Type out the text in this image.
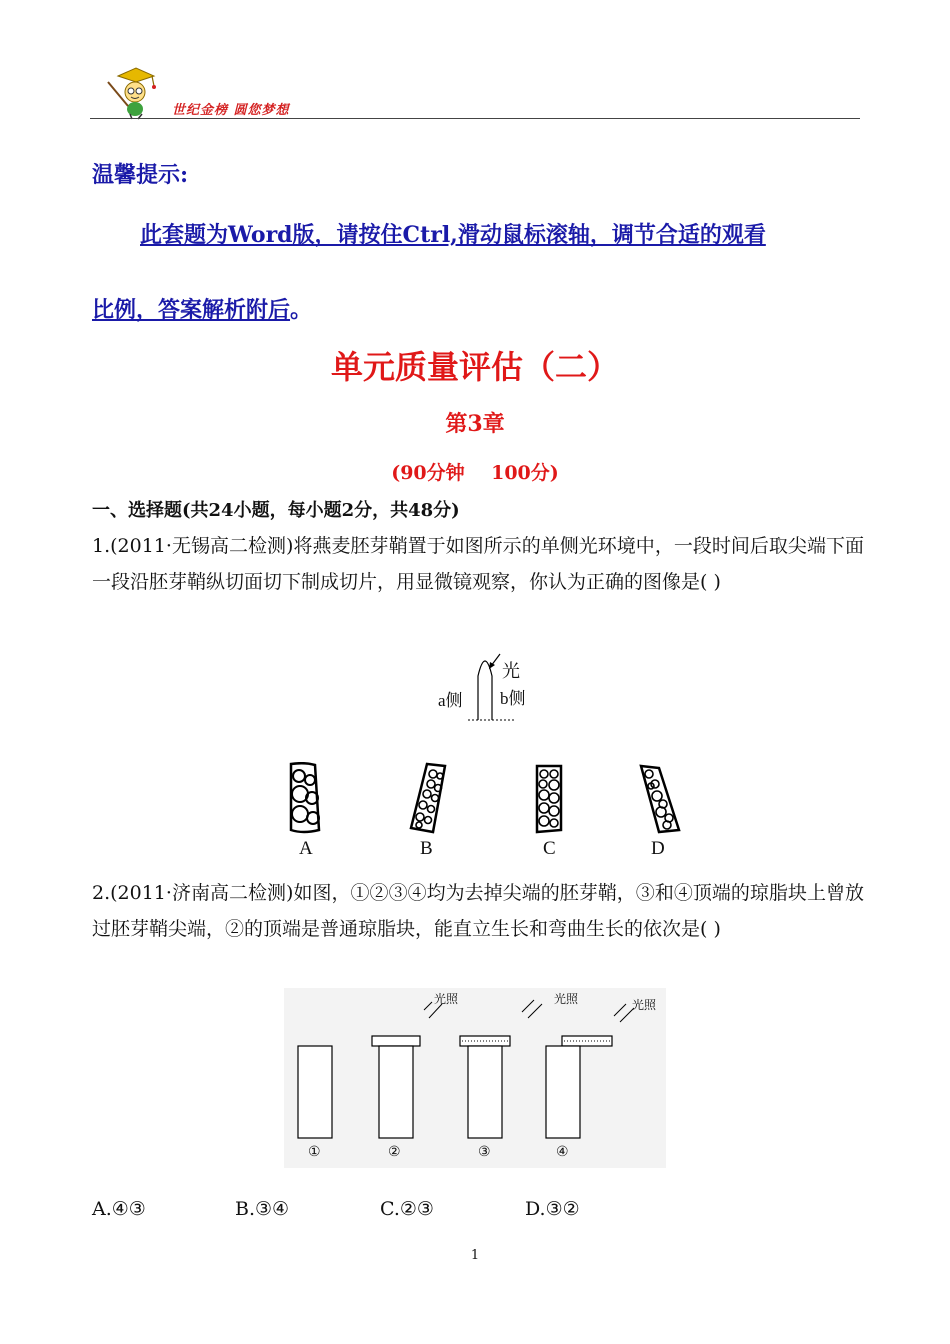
世纪金榜 圆您梦想
温馨提示:
此套题为Word版，请按住Ctrl,滑动鼠标滚轴，调节合适的观看
比例，答案解析附后。
单元质量评估（二）
第3章
(90分钟    100分)
一、选择题(共24小题，每小题2分，共48分)
1.(2011·无锡高二检测)将燕麦胚芽鞘置于如图所示的单侧光环境中，一段时间后取尖端下面一段沿胚芽鞘纵切面切下制成切片，用显微镜观察，你认为正确的图像是( )
光
a侧 b侧
A	B	C	D
2.(2011·济南高二检测)如图，①②③④均为去掉尖端的胚芽鞘，③和④顶端的琼脂块上曾放过胚芽鞘尖端，②的顶端是普通琼脂块，能直立生长和弯曲生长的依次是( )
光照	光照	光照
①	②	③	④
A.④③	B.③④	C.②③	D.③②
1
